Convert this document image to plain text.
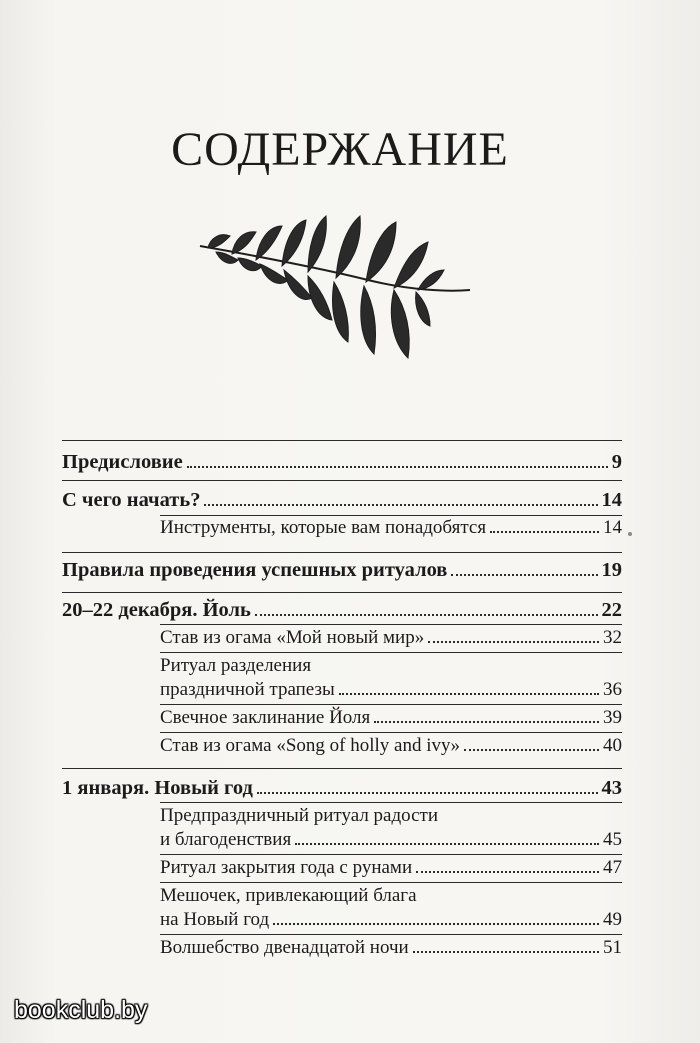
СОДЕРЖАНИЕ
Предисловие	9
С чего начать?	14
Инструменты, которые вам понадобятся	14
Правила проведения успешных ритуалов	19
20–22 декабря. Йоль	22
Став из огама «Мой новый мир»	32
Ритуал разделения
праздничной трапезы	36
Свечное заклинание Йоля	39
Став из огама «Song of holly and ivy»	40
1 января. Новый год	43
Предпраздничный ритуал радости
и благоденствия	45
Ритуал закрытия года с рунами	47
Мешочек, привлекающий блага
на Новый год	49
Волшебство двенадцатой ночи	51
bookclub.by
